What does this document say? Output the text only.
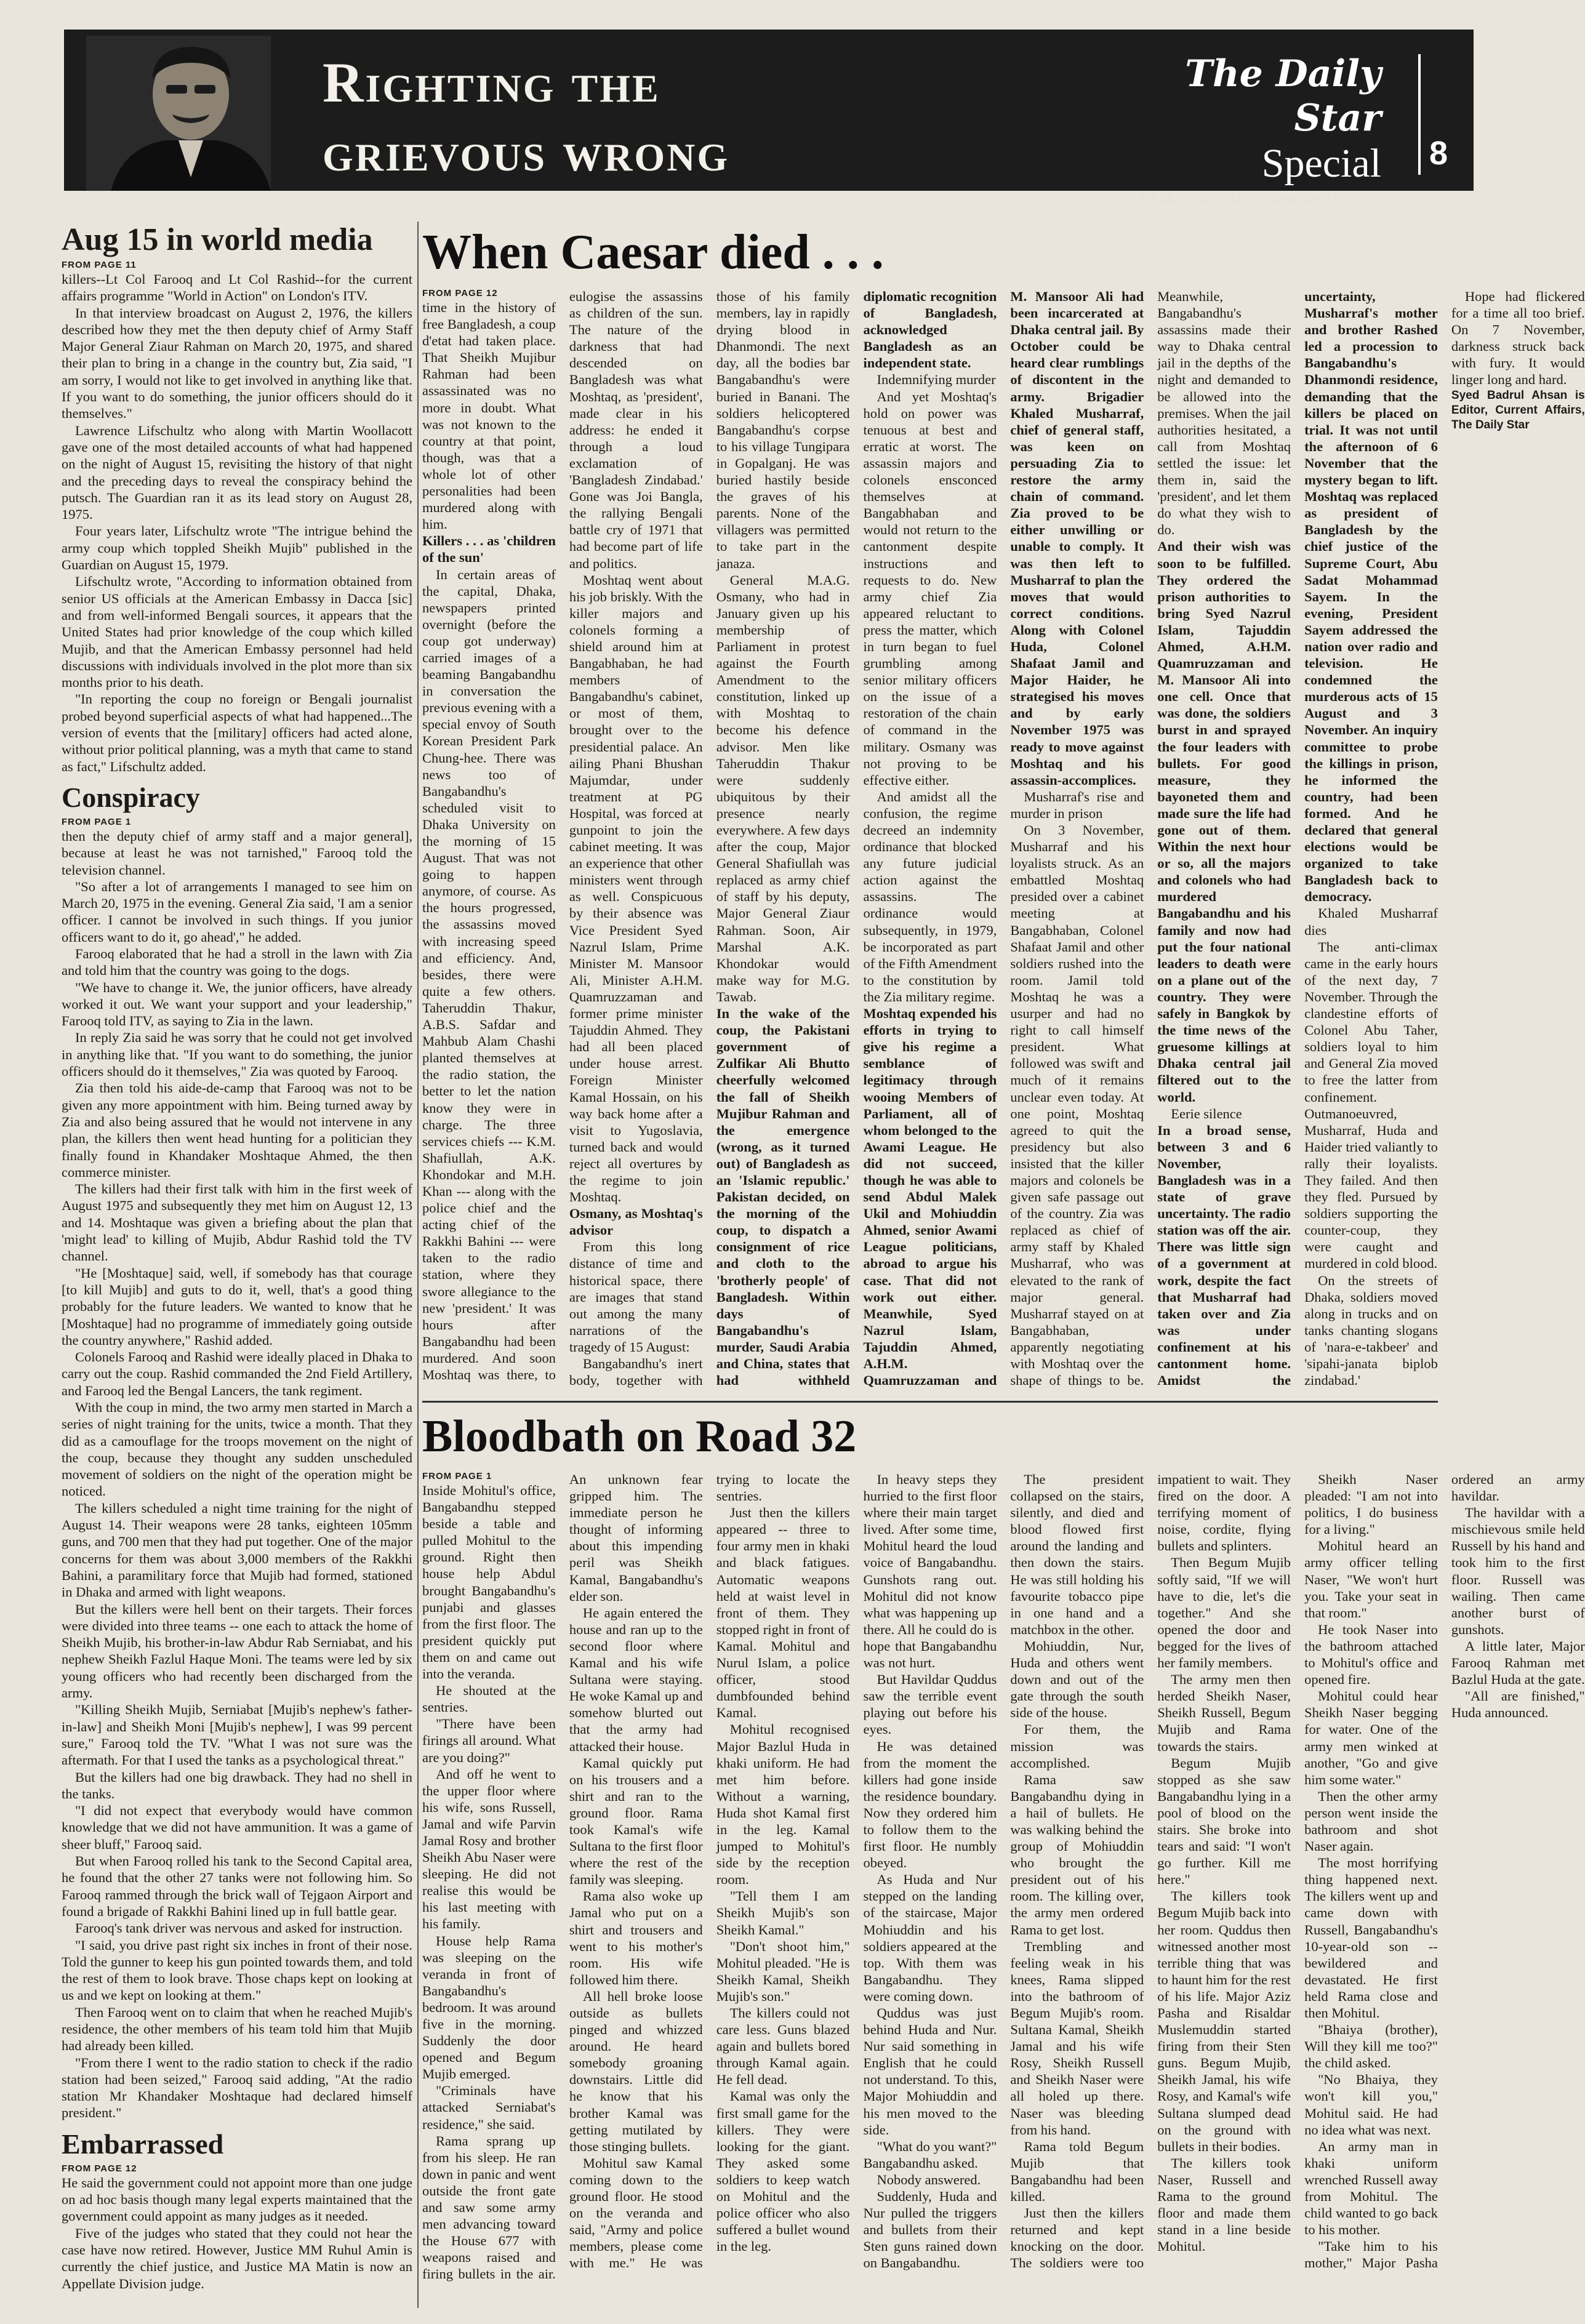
Righting the
grievous wrong
The Daily Star
Special
Dhaka, Thursday November 19, 2009
8
Aug 15 in world media
FROM PAGE 11

killers--Lt Col Farooq and Lt Col Rashid--for the current affairs programme "World in Action" on London's ITV.

In that interview broadcast on August 2, 1976, the killers described how they met the then deputy chief of Army Staff Major General Ziaur Rahman on March 20, 1975, and shared their plan to bring in a change in the country but, Zia said, "I am sorry, I would not like to get involved in anything like that. If you want to do something, the junior officers should do it themselves."

Lawrence Lifschultz who along with Martin Woollacott gave one of the most detailed accounts of what had happened on the night of August 15, revisiting the history of that night and the preceding days to reveal the conspiracy behind the putsch. The Guardian ran it as its lead story on August 28, 1975.

Four years later, Lifschultz wrote "The intrigue behind the army coup which toppled Sheikh Mujib" published in the Guardian on August 15, 1979.

Lifschultz wrote, "According to information obtained from senior US officials at the American Embassy in Dacca [sic] and from well-informed Bengali sources, it appears that the United States had prior knowledge of the coup which killed Mujib, and that the American Embassy personnel had held discussions with individuals involved in the plot more than six months prior to his death.

"In reporting the coup no foreign or Bengali journalist probed beyond superficial aspects of what had happened...The version of events that the [military] officers had acted alone, without prior political planning, was a myth that came to stand as fact," Lifschultz added.

Conspiracy
FROM PAGE 1

then the deputy chief of army staff and a major general], because at least he was not tarnished," Farooq told the television channel.

"So after a lot of arrangements I managed to see him on March 20, 1975 in the evening. General Zia said, 'I am a senior officer. I cannot be involved in such things. If you junior officers want to do it, go ahead'," he added.

Farooq elaborated that he had a stroll in the lawn with Zia and told him that the country was going to the dogs.

"We have to change it. We, the junior officers, have already worked it out. We want your support and your leadership," Farooq told ITV, as saying to Zia in the lawn.

In reply Zia said he was sorry that he could not get involved in anything like that. "If you want to do something, the junior officers should do it themselves," Zia was quoted by Farooq.

Zia then told his aide-de-camp that Farooq was not to be given any more appointment with him. Being turned away by Zia and also being assured that he would not intervene in any plan, the killers then went head hunting for a politician they finally found in Khandaker Moshtaque Ahmed, the then commerce minister.

The killers had their first talk with him in the first week of August 1975 and subsequently they met him on August 12, 13 and 14. Moshtaque was given a briefing about the plan that 'might lead' to killing of Mujib, Abdur Rashid told the TV channel.

"He [Moshtaque] said, well, if somebody has that courage [to kill Mujib] and guts to do it, well, that's a good thing probably for the future leaders. We wanted to know that he [Moshtaque] had no programme of immediately going outside the country anywhere," Rashid added.

Colonels Farooq and Rashid were ideally placed in Dhaka to carry out the coup. Rashid commanded the 2nd Field Artillery, and Farooq led the Bengal Lancers, the tank regiment.

With the coup in mind, the two army men started in March a series of night training for the units, twice a month. That they did as a camouflage for the troops movement on the night of the coup, because they thought any sudden unscheduled movement of soldiers on the night of the operation might be noticed.

The killers scheduled a night time training for the night of August 14. Their weapons were 28 tanks, eighteen 105mm guns, and 700 men that they had put together. One of the major concerns for them was about 3,000 members of the Rakkhi Bahini, a paramilitary force that Mujib had formed, stationed in Dhaka and armed with light weapons.

But the killers were hell bent on their targets. Their forces were divided into three teams -- one each to attack the home of Sheikh Mujib, his brother-in-law Abdur Rab Serniabat, and his nephew Sheikh Fazlul Haque Moni. The teams were led by six young officers who had recently been discharged from the army.

"Killing Sheikh Mujib, Serniabat [Mujib's nephew's father-in-law] and Sheikh Moni [Mujib's nephew], I was 99 percent sure," Farooq told the TV. "What I was not sure was the aftermath. For that I used the tanks as a psychological threat."

But the killers had one big drawback. They had no shell in the tanks.

"I did not expect that everybody would have common knowledge that we did not have ammunition. It was a game of sheer bluff," Farooq said.

But when Farooq rolled his tank to the Second Capital area, he found that the other 27 tanks were not following him. So Farooq rammed through the brick wall of Tejgaon Airport and found a brigade of Rakkhi Bahini lined up in full battle gear.

Farooq's tank driver was nervous and asked for instruction.

"I said, you drive past right six inches in front of their nose. Told the gunner to keep his gun pointed towards them, and told the rest of them to look brave. Those chaps kept on looking at us and we kept on looking at them."

Then Farooq went on to claim that when he reached Mujib's residence, the other members of his team told him that Mujib had already been killed.

"From there I went to the radio station to check if the radio station had been seized," Farooq said adding, "At the radio station Mr Khandaker Moshtaque had declared himself president."

Embarrassed
FROM PAGE 12

He said the government could not appoint more than one judge on ad hoc basis though many legal experts maintained that the government could appoint as many judges as it needed.

Five of the judges who stated that they could not hear the case have now retired. However, Justice MM Ruhul Amin is currently the chief justice, and Justice MA Matin is now an Appellate Division judge.

When Caesar died . . .
FROM PAGE 12

time in the history of free Bangladesh, a coup d'etat had taken place. That Sheikh Mujibur Rahman had been assassinated was no more in doubt. What was not known to the country at that point, though, was that a whole lot of other personalities had been murdered along with him.

Killers . . . as 'children of the sun'

In certain areas of the capital, Dhaka, newspapers printed overnight (before the coup got underway) carried images of a beaming Bangabandhu in conversation the previous evening with a special envoy of South Korean President Park Chung-hee. There was news too of Bangabandhu's scheduled visit to Dhaka University on the morning of 15 August. That was not going to happen anymore, of course. As the hours progressed, the assassins moved with increasing speed and efficiency. And, besides, there were quite a few others. Taheruddin Thakur, A.B.S. Safdar and Mahbub Alam Chashi planted themselves at the radio station, the better to let the nation know they were in charge. The three services chiefs --- K.M. Shafiullah, A.K. Khondokar and M.H. Khan --- along with the police chief and the acting chief of the Rakkhi Bahini --- were taken to the radio station, where they swore allegiance to the new 'president.' It was hours after Bangabandhu had been murdered. And soon Moshtaq was there, to eulogise the assassins as children of the sun. The nature of the darkness that had descended on Bangladesh was what Moshtaq, as 'president', made clear in his address: he ended it through a loud exclamation of 'Bangladesh Zindabad.' Gone was Joi Bangla, the rallying Bengali battle cry of 1971 that had become part of life and politics.

Moshtaq went about his job briskly. With the killer majors and colonels forming a shield around him at Bangabhaban, he had members of Bangabandhu's cabinet, or most of them, brought over to the presidential palace. An ailing Phani Bhushan Majumdar, under treatment at PG Hospital, was forced at gunpoint to join the cabinet meeting. It was an experience that other ministers went through as well. Conspicuous by their absence was Vice President Syed Nazrul Islam, Prime Minister M. Mansoor Ali, Minister A.H.M. Quamruzzaman and former prime minister Tajuddin Ahmed. They had all been placed under house arrest. Foreign Minister Kamal Hossain, on his way back home after a visit to Yugoslavia, turned back and would reject all overtures by the regime to join Moshtaq.

Osmany, as Moshtaq's advisor

From this long distance of time and historical space, there are images that stand out among the many narrations of the tragedy of 15 August:

Bangabandhu's inert body, together with those of his family members, lay in rapidly drying blood in Dhanmondi. The next day, all the bodies bar Bangabandhu's were buried in Banani. The soldiers helicoptered Bangabandhu's corpse to his village Tungipara in Gopalganj. He was buried hastily beside the graves of his parents. None of the villagers was permitted to take part in the janaza.

General M.A.G. Osmany, who had in January given up his membership of Parliament in protest against the Fourth Amendment to the constitution, linked up with Moshtaq to become his defence advisor. Men like Taheruddin Thakur were suddenly ubiquitous by their presence nearly everywhere. A few days after the coup, Major General Shafiullah was replaced as army chief of staff by his deputy, Major General Ziaur Rahman. Soon, Air Marshal A.K. Khondokar would make way for M.G. Tawab.

In the wake of the coup, the Pakistani government of Zulfikar Ali Bhutto cheerfully welcomed the fall of Sheikh Mujibur Rahman and the emergence (wrong, as it turned out) of Bangladesh as an 'Islamic republic.' Pakistan decided, on the morning of the coup, to dispatch a consignment of rice and cloth to the 'brotherly people' of Bangladesh. Within days of Bangabandhu's murder, Saudi Arabia and China, states that had withheld diplomatic recognition of Bangladesh, acknowledged Bangladesh as an independent state.

Indemnifying murder

And yet Moshtaq's hold on power was tenuous at best and erratic at worst. The assassin majors and colonels ensconced themselves at Bangabhaban and would not return to the cantonment despite instructions and requests to do. New army chief Zia appeared reluctant to press the matter, which in turn began to fuel grumbling among senior military officers on the issue of a restoration of the chain of command in the military. Osmany was not proving to be effective either.

And amidst all the confusion, the regime decreed an indemnity ordinance that blocked any future judicial action against the assassins. The ordinance would subsequently, in 1979, be incorporated as part of the Fifth Amendment to the constitution by the Zia military regime.

Moshtaq expended his efforts in trying to give his regime a semblance of legitimacy through wooing Members of Parliament, all of whom belonged to the Awami League. He did not succeed, though he was able to send Abdul Malek Ukil and Mohiuddin Ahmed, senior Awami League politicians, abroad to argue his case. That did not work out either. Meanwhile, Syed Nazrul Islam, Tajuddin Ahmed, A.H.M. Quamruzzaman and M. Mansoor Ali had been incarcerated at Dhaka central jail. By October could be heard clear rumblings of discontent in the army. Brigadier Khaled Musharraf, chief of general staff, was keen on persuading Zia to restore the army chain of command. Zia proved to be either unwilling or unable to comply. It was then left to Musharraf to plan the moves that would correct conditions. Along with Colonel Huda, Colonel Shafaat Jamil and Major Haider, he strategised his moves and by early November 1975 was ready to move against Moshtaq and his assassin-accomplices.

Musharraf's rise and murder in prison

On 3 November, Musharraf and his loyalists struck. As an embattled Moshtaq presided over a cabinet meeting at Bangabhaban, Colonel Shafaat Jamil and other soldiers rushed into the room. Jamil told Moshtaq he was a usurper and had no right to call himself president. What followed was swift and much of it remains unclear even today. At one point, Moshtaq agreed to quit the presidency but also insisted that the killer majors and colonels be given safe passage out of the country. Zia was replaced as chief of army staff by Khaled Musharraf, who was elevated to the rank of major general. Musharraf stayed on at Bangabhaban, apparently negotiating with Moshtaq over the shape of things to be. Meanwhile, Bangabandhu's assassins made their way to Dhaka central jail in the depths of the night and demanded to be allowed into the premises. When the jail authorities hesitated, a call from Moshtaq settled the issue: let them in, said the 'president', and let them do what they wish to do.

And their wish was soon to be fulfilled. They ordered the prison authorities to bring Syed Nazrul Islam, Tajuddin Ahmed, A.H.M. Quamruzzaman and M. Mansoor Ali into one cell. Once that was done, the soldiers burst in and sprayed the four leaders with bullets. For good measure, they bayoneted them and made sure the life had gone out of them. Within the next hour or so, all the majors and colonels who had murdered Bangabandhu and his family and now had put the four national leaders to death were on a plane out of the country. They were safely in Bangkok by the time news of the gruesome killings at Dhaka central jail filtered out to the world.

Eerie silence

In a broad sense, between 3 and 6 November, Bangladesh was in a state of grave uncertainty. The radio station was off the air. There was little sign of a government at work, despite the fact that Musharraf had taken over and Zia was under confinement at his cantonment home. Amidst the uncertainty, Musharraf's mother and brother Rashed led a procession to Bangabandhu's Dhanmondi residence, demanding that the killers be placed on trial. It was not until the afternoon of 6 November that the mystery began to lift. Moshtaq was replaced as president of Bangladesh by the chief justice of the Supreme Court, Abu Sadat Mohammad Sayem. In the evening, President Sayem addressed the nation over radio and television. He condemned the murderous acts of 15 August and 3 November. An inquiry committee to probe the killings in prison, he informed the country, had been formed. And he declared that general elections would be organized to take Bangladesh back to democracy.

Khaled Musharraf dies

The anti-climax came in the early hours of the next day, 7 November. Through the clandestine efforts of Colonel Abu Taher, soldiers loyal to him and General Zia moved to free the latter from confinement. Outmanoeuvred, Musharraf, Huda and Haider tried valiantly to rally their loyalists. They failed. And then they fled. Pursued by soldiers supporting the counter-coup, they were caught and murdered in cold blood.

On the streets of Dhaka, soldiers moved along in trucks and on tanks chanting slogans of 'nara-e-takbeer' and 'sipahi-janata biplob zindabad.'

Hope had flickered for a time all too brief. On 7 November, darkness struck back with fury. It would linger long and hard.

Syed Badrul Ahsan is Editor, Current Affairs, The Daily Star

Bloodbath on Road 32
FROM PAGE 1

Inside Mohitul's office, Bangabandhu stepped beside a table and pulled Mohitul to the ground. Right then house help Abdul brought Bangabandhu's punjabi and glasses from the first floor. The president quickly put them on and came out into the veranda.

He shouted at the sentries.

"There have been firings all around. What are you doing?"

And off he went to the upper floor where his wife, sons Russell, Jamal and wife Parvin Jamal Rosy and brother Sheikh Abu Naser were sleeping. He did not realise this would be his last meeting with his family.

House help Rama was sleeping on the veranda in front of Bangabandhu's bedroom. It was around five in the morning. Suddenly the door opened and Begum Mujib emerged.

"Criminals have attacked Serniabat's residence," she said.

Rama sprang up from his sleep. He ran down in panic and went outside the front gate and saw some army men advancing toward the House 677 with weapons raised and firing bullets in the air. An unknown fear gripped him. The immediate person he thought of informing about this impending peril was Sheikh Kamal, Bangabandhu's elder son.

He again entered the house and ran up to the second floor where Kamal and his wife Sultana were staying. He woke Kamal up and somehow blurted out that the army had attacked their house.

Kamal quickly put on his trousers and a shirt and ran to the ground floor. Rama took Kamal's wife Sultana to the first floor where the rest of the family was sleeping.

Rama also woke up Jamal who put on a shirt and trousers and went to his mother's room. His wife followed him there.

All hell broke loose outside as bullets pinged and whizzed around. He heard somebody groaning downstairs. Little did he know that his brother Kamal was getting mutilated by those stinging bullets.

Mohitul saw Kamal coming down to the ground floor. He stood on the veranda and said, "Army and police members, please come with me." He was trying to locate the sentries.

Just then the killers appeared -- three to four army men in khaki and black fatigues. Automatic weapons held at waist level in front of them. They stopped right in front of Kamal. Mohitul and Nurul Islam, a police officer, stood dumbfounded behind Kamal.

Mohitul recognised Major Bazlul Huda in khaki uniform. He had met him before. Without a warning, Huda shot Kamal first in the leg. Kamal jumped to Mohitul's side by the reception room.

"Tell them I am Sheikh Mujib's son Sheikh Kamal."

"Don't shoot him," Mohitul pleaded. "He is Sheikh Kamal, Sheikh Mujib's son."

The killers could not care less. Guns blazed again and bullets bored through Kamal again. He fell dead.

Kamal was only the first small game for the killers. They were looking for the giant. They asked some soldiers to keep watch on Mohitul and the police officer who also suffered a bullet wound in the leg.

In heavy steps they hurried to the first floor where their main target lived. After some time, Mohitul heard the loud voice of Bangabandhu. Gunshots rang out. Mohitul did not know what was happening up there. All he could do is hope that Bangabandhu was not hurt.

But Havildar Quddus saw the terrible event playing out before his eyes.

He was detained from the moment the killers had gone inside the residence boundary. Now they ordered him to follow them to the first floor. He numbly obeyed.

As Huda and Nur stepped on the landing of the staircase, Major Mohiuddin and his soldiers appeared at the top. With them was Bangabandhu. They were coming down.

Quddus was just behind Huda and Nur. Nur said something in English that he could not understand. To this, Major Mohiuddin and his men moved to the side.

"What do you want?" Bangabandhu asked.

Nobody answered.

Suddenly, Huda and Nur pulled the triggers and bullets from their Sten guns rained down on Bangabandhu.

The president collapsed on the stairs, silently, and died and blood flowed first around the landing and then down the stairs. He was still holding his favourite tobacco pipe in one hand and a matchbox in the other.

Mohiuddin, Nur, Huda and others went down and out of the gate through the south side of the house.

For them, the mission was accomplished.

Rama saw Bangabandhu dying in a hail of bullets. He was walking behind the group of Mohiuddin who brought the president out of his room. The killing over, the army men ordered Rama to get lost.

Trembling and feeling weak in his knees, Rama slipped into the bathroom of Begum Mujib's room. Sultana Kamal, Sheikh Jamal and his wife Rosy, Sheikh Russell and Sheikh Naser were all holed up there. Naser was bleeding from his hand.

Rama told Begum Mujib that Bangabandhu had been killed.

Just then the killers returned and kept knocking on the door. The soldiers were too impatient to wait. They fired on the door. A terrifying moment of noise, cordite, flying bullets and splinters.

Then Begum Mujib softly said, "If we will have to die, let's die together." And she opened the door and begged for the lives of her family members.

The army men then herded Sheikh Naser, Sheikh Russell, Begum Mujib and Rama towards the stairs.

Begum Mujib stopped as she saw Bangabandhu lying in a pool of blood on the stairs. She broke into tears and said: "I won't go further. Kill me here."

The killers took Begum Mujib back into her room. Quddus then witnessed another most terrible thing that was to haunt him for the rest of his life. Major Aziz Pasha and Risaldar Muslemuddin started firing from their Sten guns. Begum Mujib, Sheikh Jamal, his wife Rosy, and Kamal's wife Sultana slumped dead on the ground with bullets in their bodies.

The killers took Naser, Russell and Rama to the ground floor and made them stand in a line beside Mohitul.

Sheikh Naser pleaded: "I am not into politics, I do business for a living."

Mohitul heard an army officer telling Naser, "We won't hurt you. Take your seat in that room."

He took Naser into the bathroom attached to Mohitul's office and opened fire.

Mohitul could hear Sheikh Naser begging for water. One of the army men winked at another, "Go and give him some water."

Then the other army person went inside the bathroom and shot Naser again.

The most horrifying thing happened next. The killers went up and came down with Russell, Bangabandhu's 10-year-old son -- bewildered and devastated. He first held Rama close and then Mohitul.

"Bhaiya (brother), Will they kill me too?" the child asked.

"No Bhaiya, they won't kill you," Mohitul said. He had no idea what was next.

An army man in khaki uniform wrenched Russell away from Mohitul. The child wanted to go back to his mother.

"Take him to his mother," Major Pasha ordered an army havildar.

The havildar with a mischievous smile held Russell by his hand and took him to the first floor. Russell was wailing. Then came another burst of gunshots.

A little later, Major Farooq Rahman met Bazlul Huda at the gate.

"All are finished," Huda announced.
